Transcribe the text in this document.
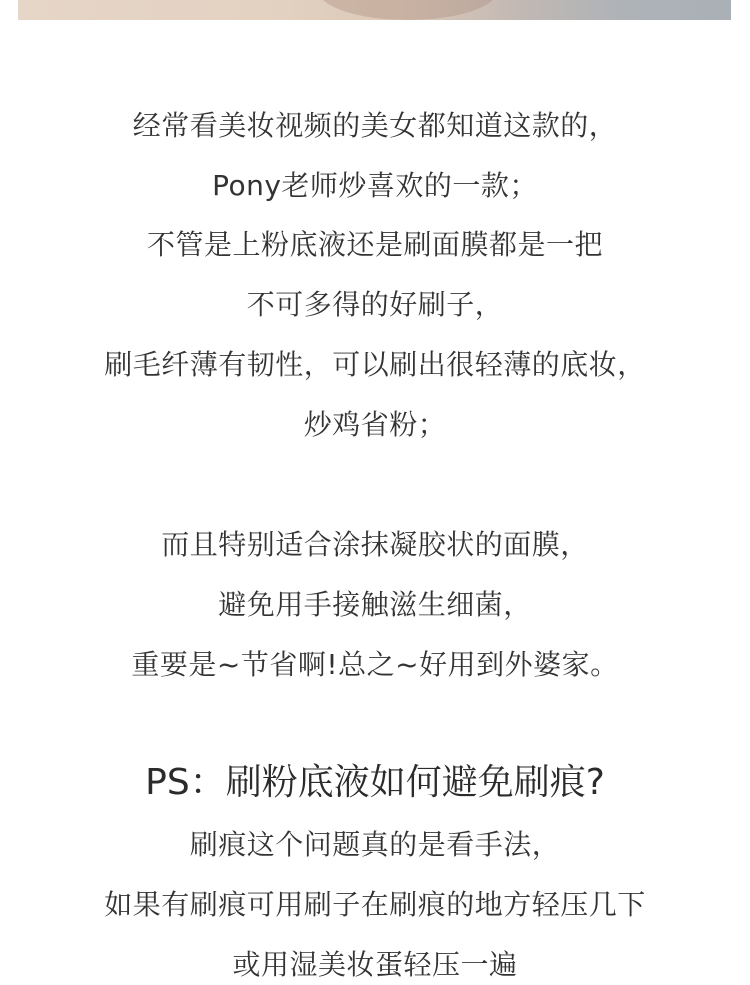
经常看美妆视频的美女都知道这款的，
Pony老师炒喜欢的一款；
不管是上粉底液还是刷面膜都是一把
不可多得的好刷子，
刷毛纤薄有韧性，可以刷出很轻薄的底妆，
炒鸡省粉；
而且特别适合涂抹凝胶状的面膜，
避免用手接触滋生细菌，
重要是~节省啊!总之~好用到外婆家。
PS：刷粉底液如何避免刷痕?
刷痕这个问题真的是看手法，
如果有刷痕可用刷子在刷痕的地方轻压几下
或用湿美妆蛋轻压一遍
